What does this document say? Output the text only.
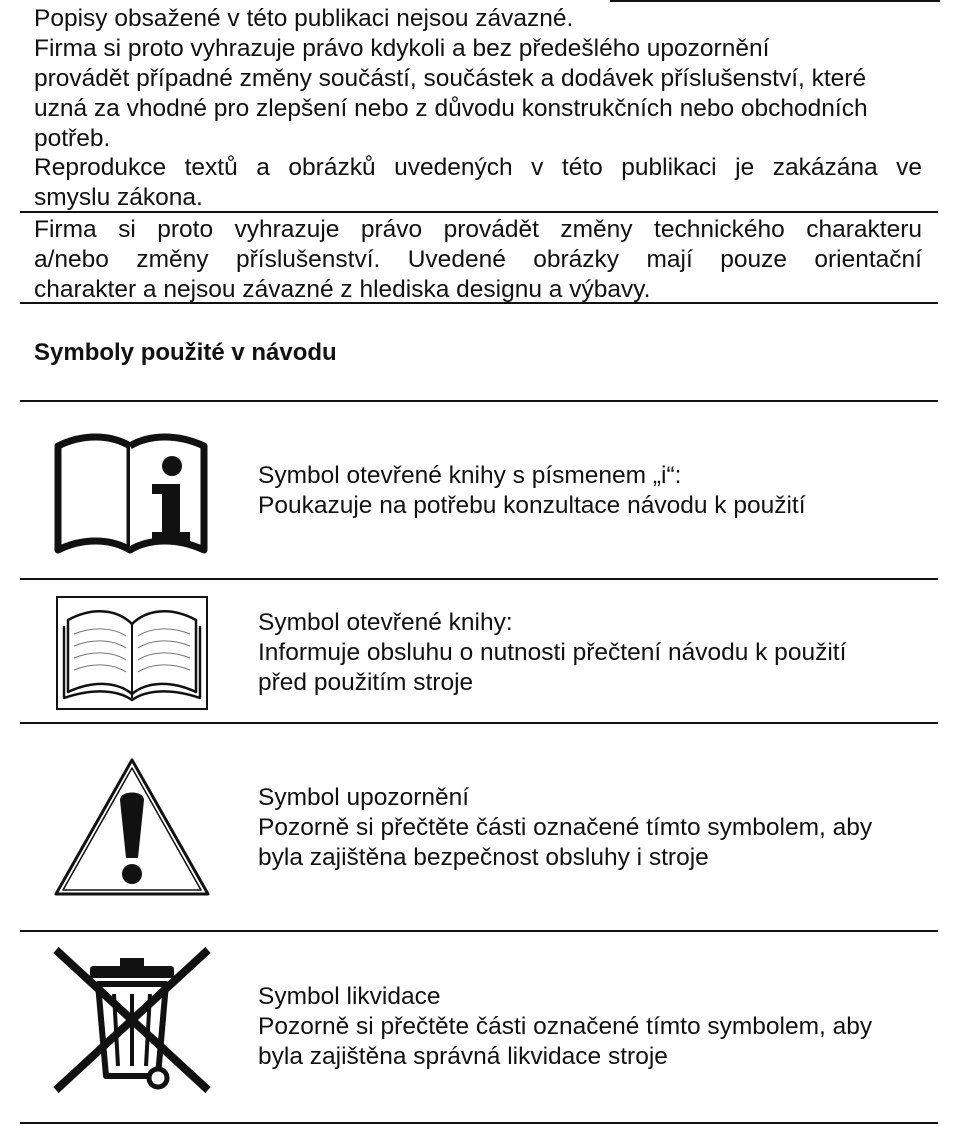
Popisy obsažené v této publikaci nejsou závazné.
Firma si proto vyhrazuje právo kdykoli a bez předešlého upozornění
provádět případné změny součástí, součástek a dodávek příslušenství, které
uzná za vhodné pro zlepšení nebo z důvodu konstrukčních nebo obchodních
potřeb.
Reprodukce textů a obrázků uvedených v této publikaci je zakázána ve
smyslu zákona.
Firma si proto vyhrazuje právo provádět změny technického charakteru
a/nebo změny příslušenství. Uvedené obrázky mají pouze orientační
charakter a nejsou závazné z hlediska designu a výbavy.
Symboly použité v návodu
Symbol otevřené knihy s písmenem „i“:
Poukazuje na potřebu konzultace návodu k použití
Symbol otevřené knihy:
Informuje obsluhu o nutnosti přečtení návodu k použití
před použitím stroje
Symbol upozornění
Pozorně si přečtěte části označené tímto symbolem, aby
byla zajištěna bezpečnost obsluhy i stroje
Symbol likvidace
Pozorně si přečtěte části označené tímto symbolem, aby
byla zajištěna správná likvidace stroje
